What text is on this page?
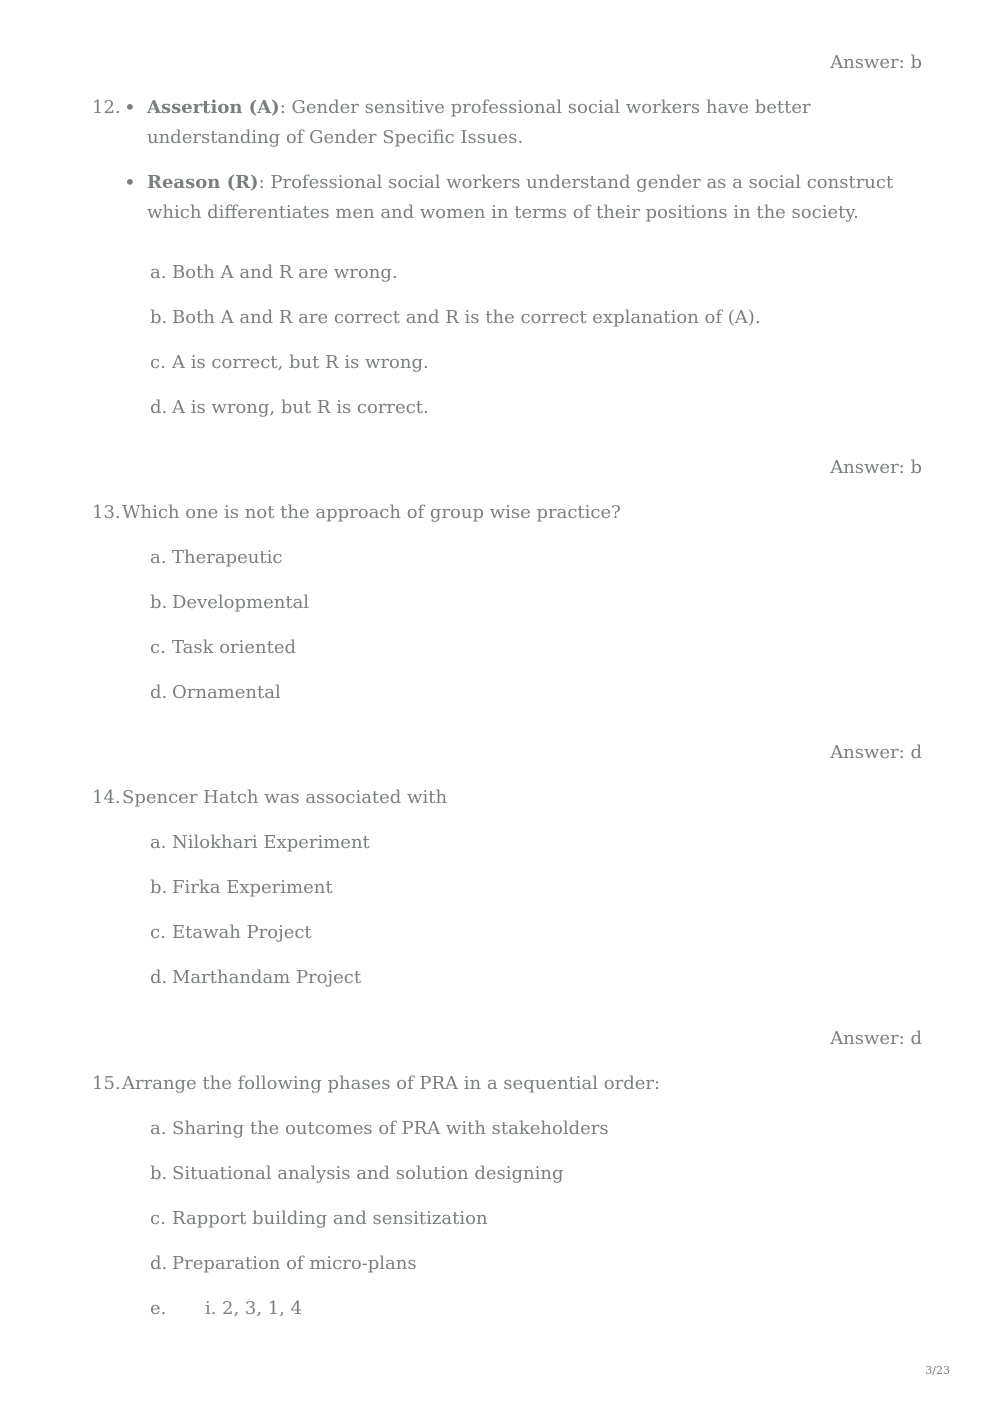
Answer: b
12. • Assertion (A): Gender sensitive professional social workers have better
understanding of Gender Specific Issues.
• Reason (R): Professional social workers understand gender as a social construct
which differentiates men and women in terms of their positions in the society.
a. Both A and R are wrong.
b. Both A and R are correct and R is the correct explanation of (A).
c. A is correct, but R is wrong.
d. A is wrong, but R is correct.
Answer: b
13. Which one is not the approach of group wise practice?
a. Therapeutic
b. Developmental
c. Task oriented
d. Ornamental
Answer: d
14. Spencer Hatch was associated with
a. Nilokhari Experiment
b. Firka Experiment
c. Etawah Project
d. Marthandam Project
Answer: d
15. Arrange the following phases of PRA in a sequential order:
a. Sharing the outcomes of PRA with stakeholders
b. Situational analysis and solution designing
c. Rapport building and sensitization
d. Preparation of micro-plans
e. i. 2, 3, 1, 4
3/23
